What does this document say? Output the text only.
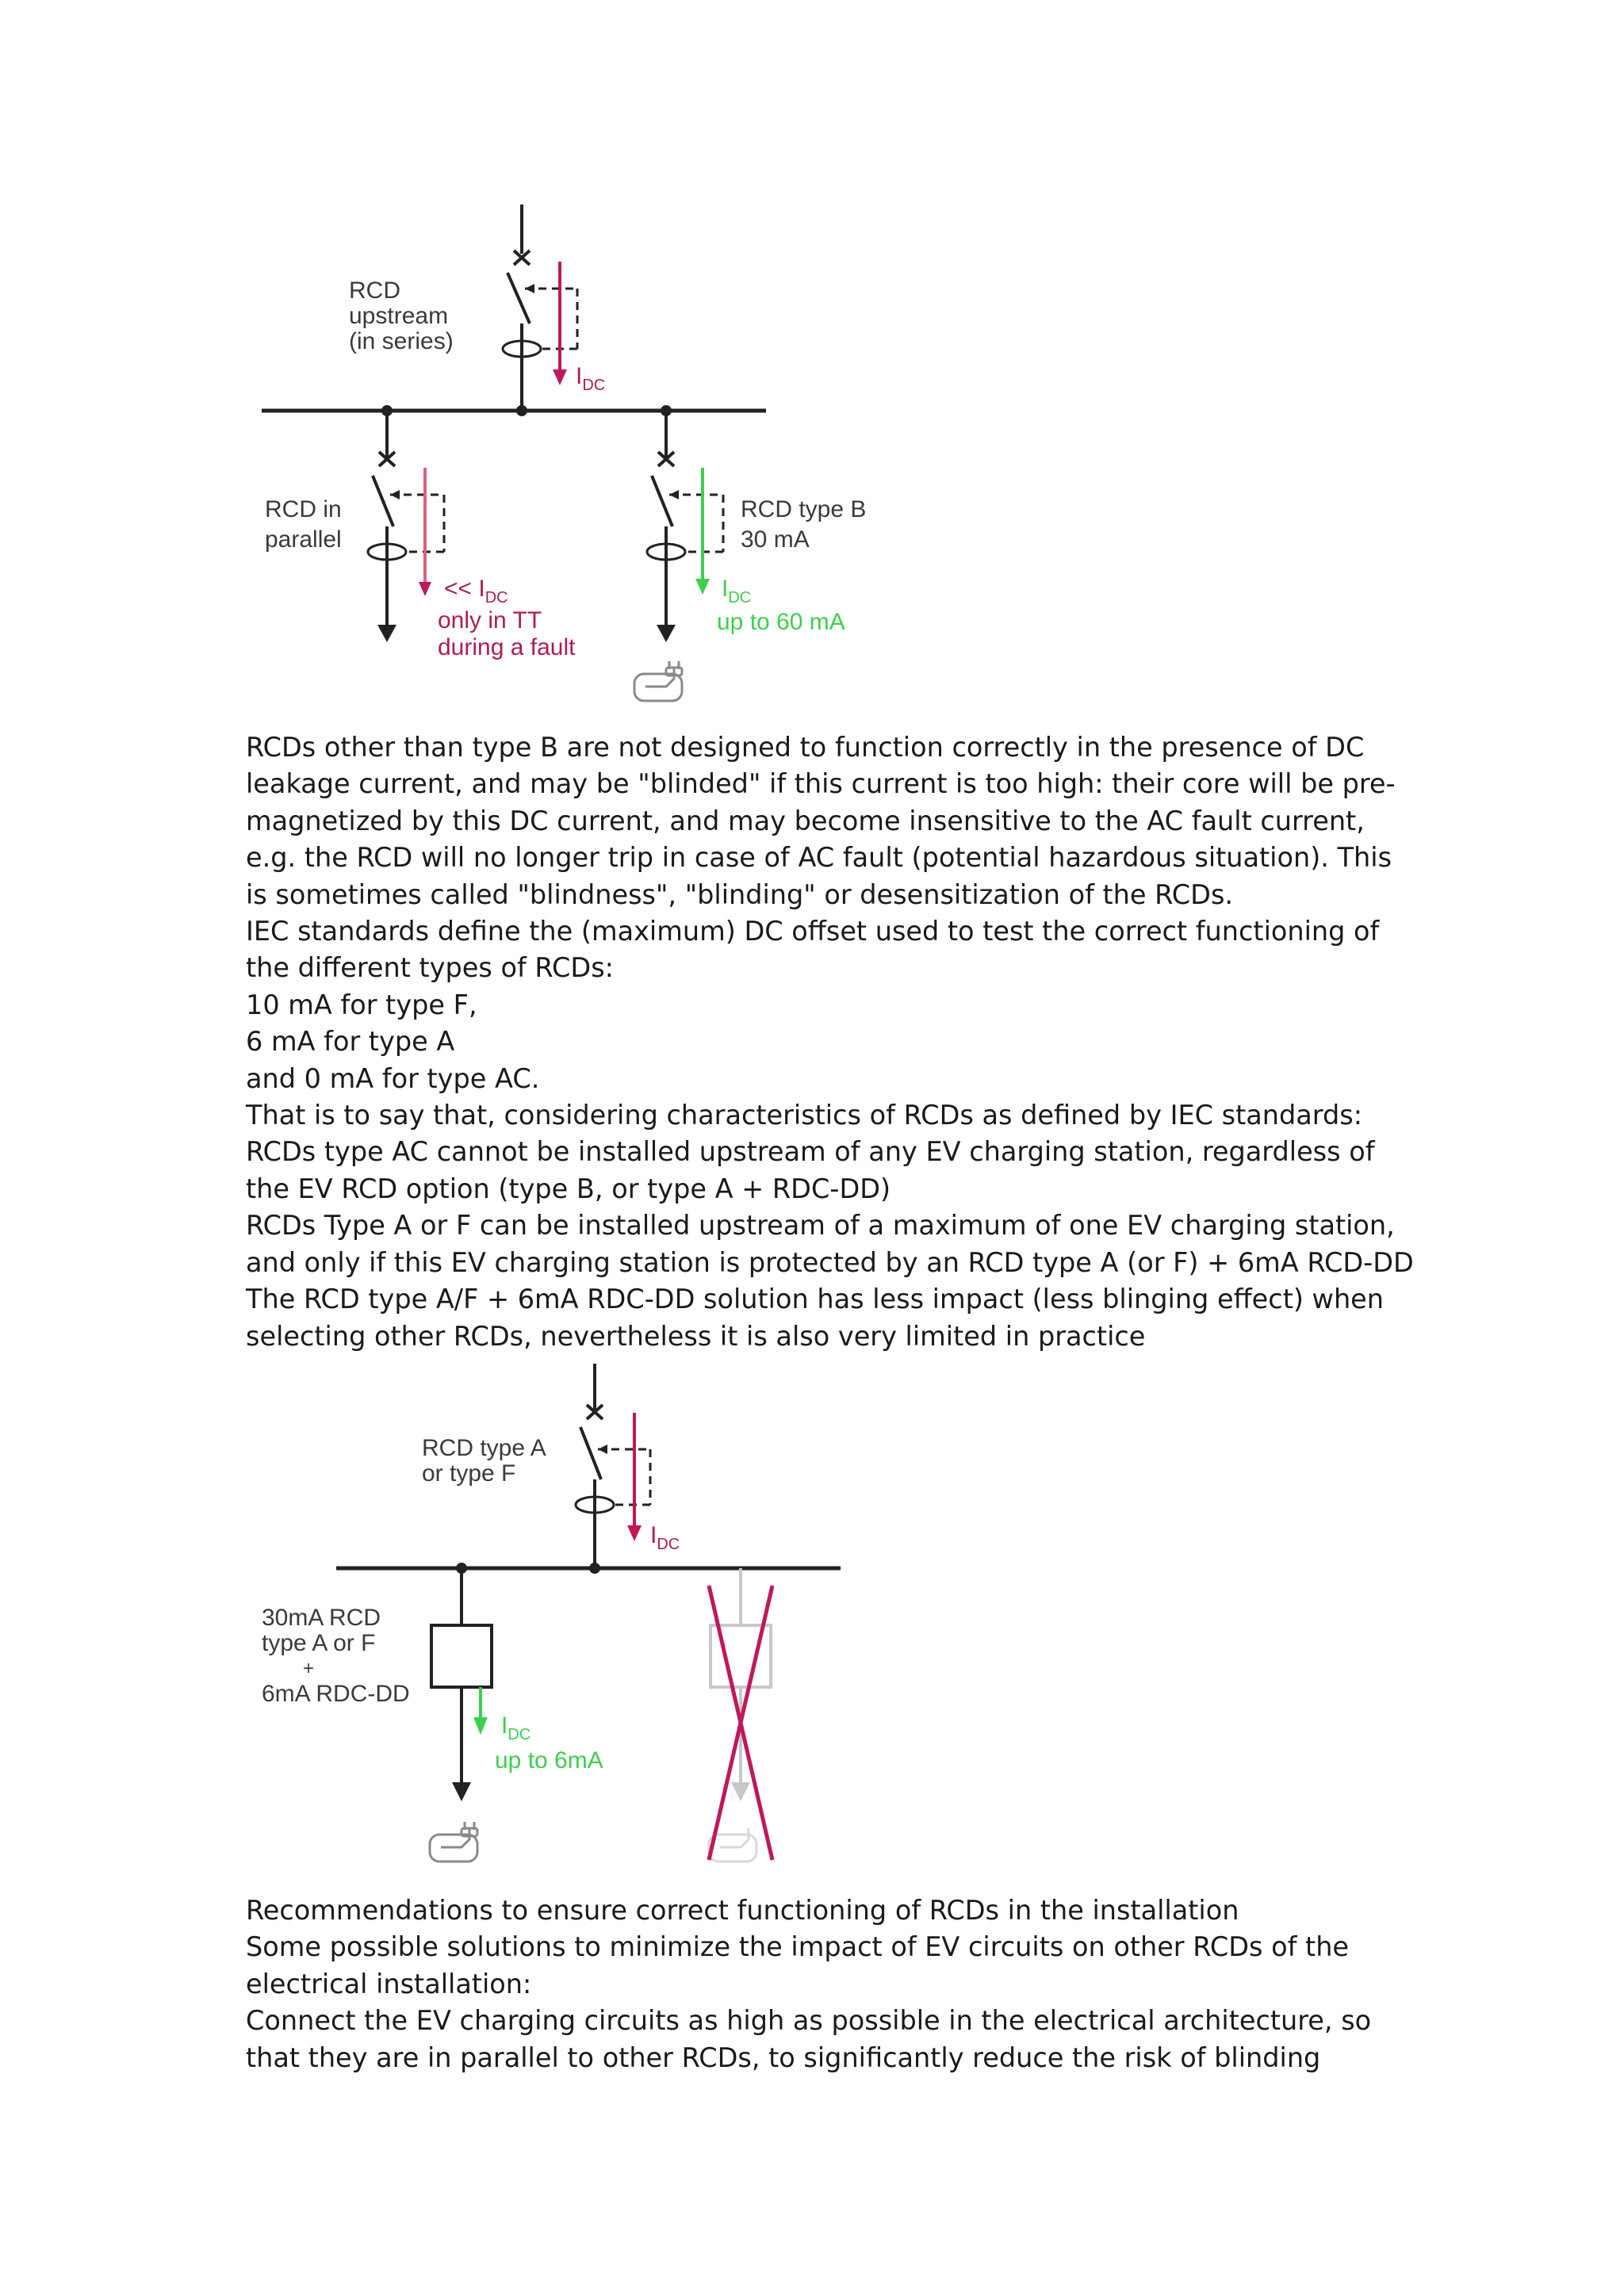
$I_{DC}$
RCD
upstream
(in series)
<< $I_{DC}$
only in TT
during a fault
RCD in
parallel
$I_{DC}$
up to 60 mA
RCD type B
30 mA

RCDs other than type B are not designed to function correctly in the presence of DC leakage current, and may be "blinded" if this current is too high: their core will be pre-magnetized by this DC current, and may become insensitive to the AC fault current, e.g. the RCD will no longer trip in case of AC fault (potential hazardous situation). This is sometimes called "blindness", "blinding" or desensitization of the RCDs.

IEC standards define the (maximum) DC offset used to test the correct functioning of the different types of RCDs:

10 mA for type F,

6 mA for type A

and 0 mA for type AC.

That is to say that, considering characteristics of RCDs as defined by IEC standards:

RCDs type AC cannot be installed upstream of any EV charging station, regardless of the EV RCD option (type B, or type A + RDC-DD)

RCDs Type A or F can be installed upstream of a maximum of one EV charging station, and only if this EV charging station is protected by an RCD type A (or F) + 6mA RCD-DD

The RCD type A/F + 6mA RDC-DD solution has less impact (less blinging effect) when selecting other RCDs, nevertheless it is also very limited in practice

$I_{DC}$
RCD type A
or type F
$I_{DC}$
up to 6mA
30mA RCD
type A or F
+
6mA RDC-DD

Recommendations to ensure correct functioning of RCDs in the installation

Some possible solutions to minimize the impact of EV circuits on other RCDs of the electrical installation:

Connect the EV charging circuits as high as possible in the electrical architecture, so that they are in parallel to other RCDs, to significantly reduce the risk of blinding
